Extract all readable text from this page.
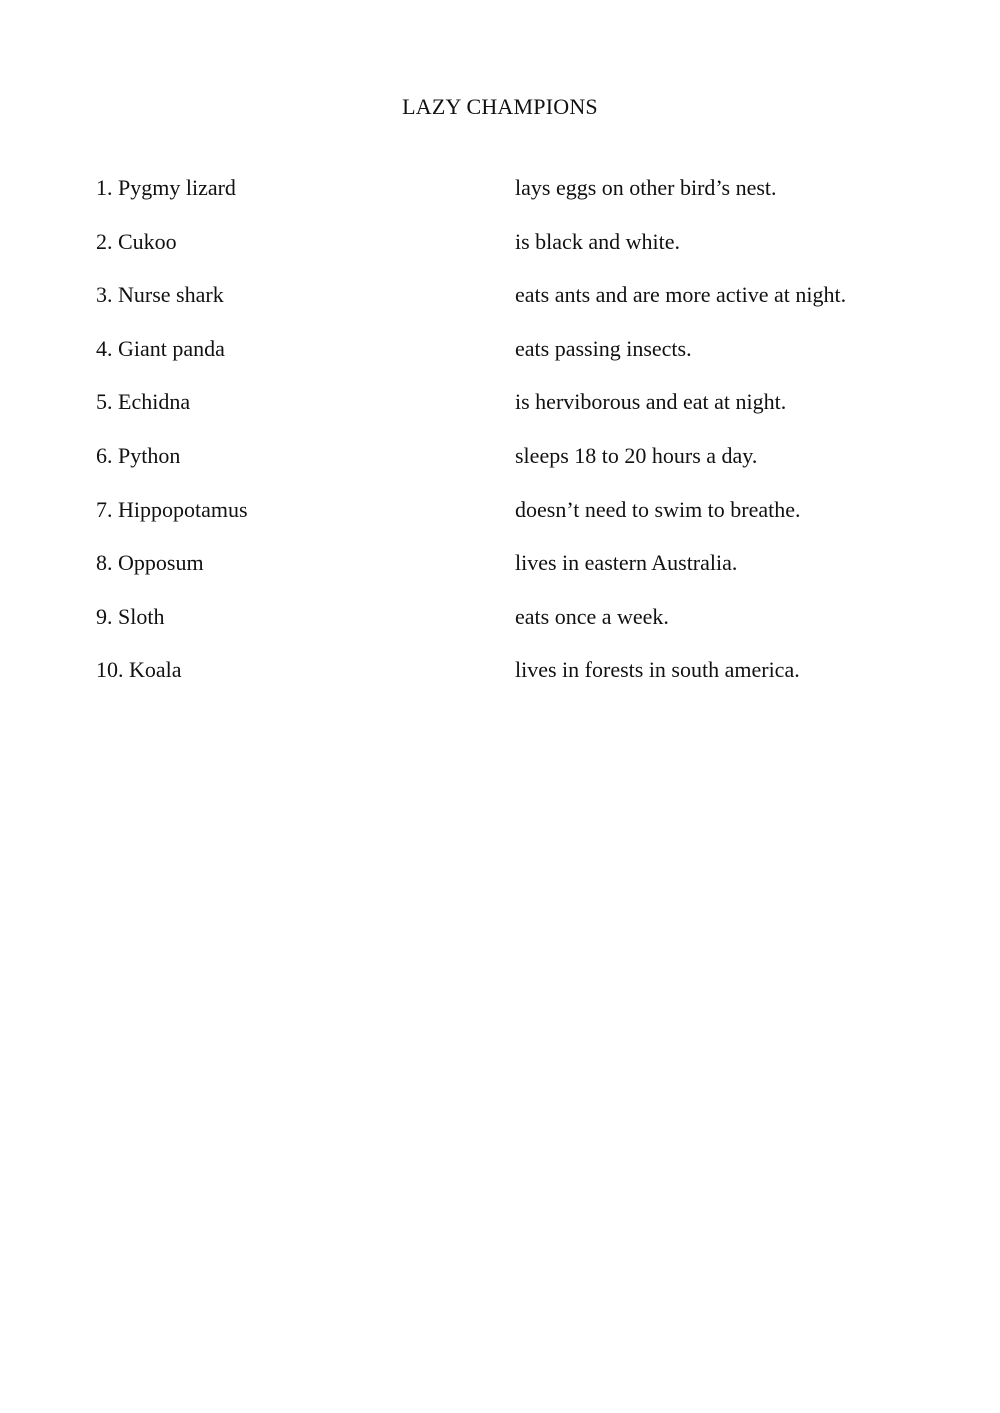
LAZY CHAMPIONS
1. Pygmy lizard	lays eggs on other bird’s nest.
2. Cukoo	is black and white.
3. Nurse shark	eats ants and are more active at night.
4. Giant panda	eats passing insects.
5. Echidna	is herviborous and eat at night.
6. Python	sleeps 18 to 20 hours a day.
7. Hippopotamus	doesn’t need to swim to breathe.
8. Opposum	lives in eastern Australia.
9. Sloth	eats once a week.
10. Koala	lives in forests in south america.
